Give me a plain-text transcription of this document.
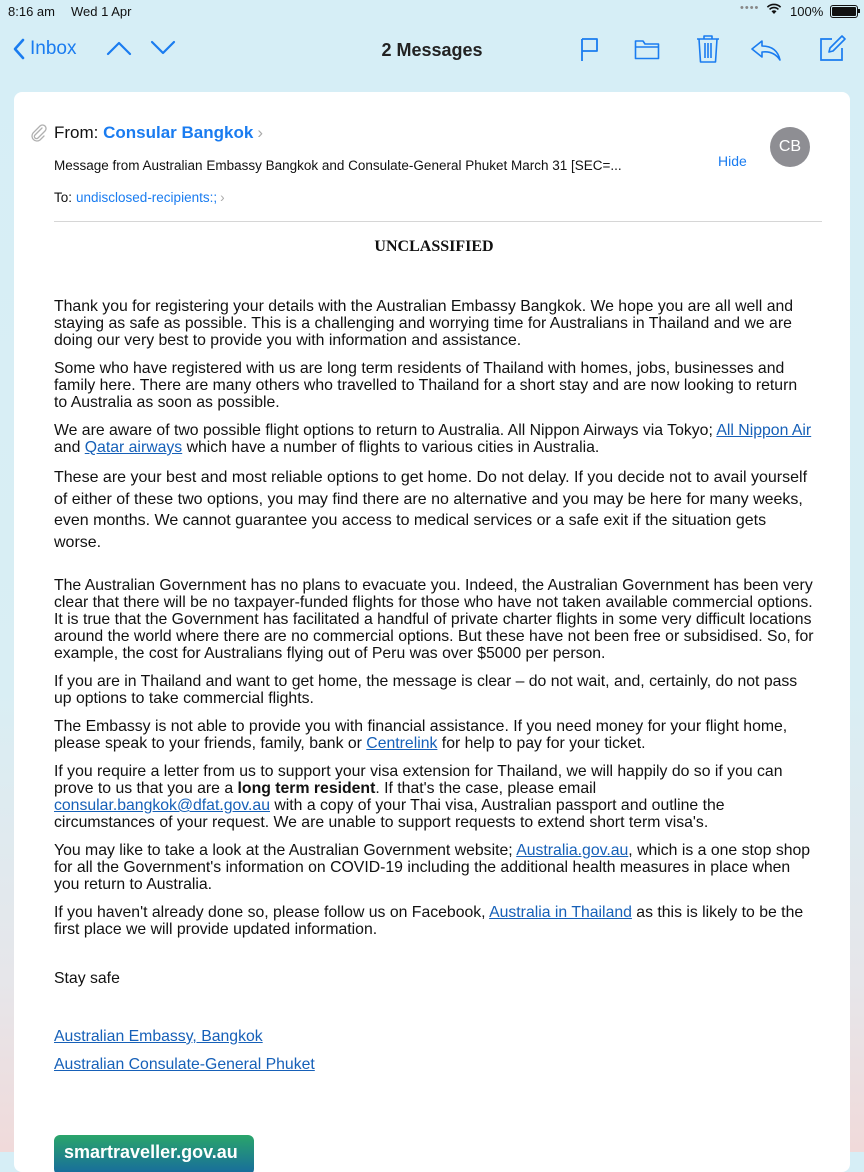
8:16 am Wed 1 Apr	•••• 100%
Inbox	2 Messages
From: Consular Bangkok ›
CB
Message from Australian Embassy Bangkok and Consulate-General Phuket March 31 [SEC=...	Hide
To: undisclosed-recipients:; ›

UNCLASSIFIED

Thank you for registering your details with the Australian Embassy Bangkok. We hope you are all well and staying as safe as possible. This is a challenging and worrying time for Australians in Thailand and we are doing our very best to provide you with information and assistance.

Some who have registered with us are long term residents of Thailand with homes, jobs, businesses and family here. There are many others who travelled to Thailand for a short stay and are now looking to return to Australia as soon as possible.

We are aware of two possible flight options to return to Australia. All Nippon Airways via Tokyo; All Nippon Air and Qatar airways which have a number of flights to various cities in Australia.

These are your best and most reliable options to get home. Do not delay. If you decide not to avail yourself of either of these two options, you may find there are no alternative and you may be here for many weeks, even months. We cannot guarantee you access to medical services or a safe exit if the situation gets worse.

The Australian Government has no plans to evacuate you. Indeed, the Australian Government has been very clear that there will be no taxpayer-funded flights for those who have not taken available commercial options. It is true that the Government has facilitated a handful of private charter flights in some very difficult locations around the world where there are no commercial options. But these have not been free or subsidised. So, for example, the cost for Australians flying out of Peru was over $5000 per person.

If you are in Thailand and want to get home, the message is clear – do not wait, and, certainly, do not pass up options to take commercial flights.

The Embassy is not able to provide you with financial assistance. If you need money for your flight home, please speak to your friends, family, bank or Centrelink for help to pay for your ticket.

If you require a letter from us to support your visa extension for Thailand, we will happily do so if you can prove to us that you are a long term resident. If that's the case, please email consular.bangkok@dfat.gov.au with a copy of your Thai visa, Australian passport and outline the circumstances of your request. We are unable to support requests to extend short term visa's.

You may like to take a look at the Australian Government website; Australia.gov.au, which is a one stop shop for all the Government's information on COVID-19 including the additional health measures in place when you return to Australia.

If you haven't already done so, please follow us on Facebook, Australia in Thailand as this is likely to be the first place we will provide updated information.

Stay safe

Australian Embassy, Bangkok

Australian Consulate-General Phuket

smartraveller.gov.au
